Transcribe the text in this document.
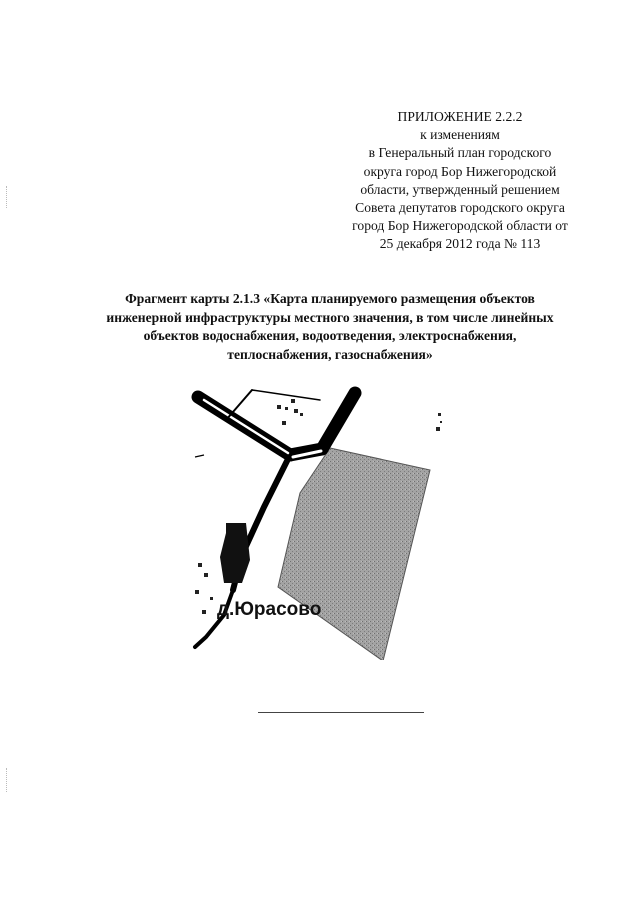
ПРИЛОЖЕНИЕ 2.2.2
к изменениям
в Генеральный план городского
округа город Бор Нижегородской
области, утвержденный решением
Совета депутатов городского округа
город Бор Нижегородской области от
25 декабря 2012 года № 113
Фрагмент карты 2.1.3 «Карта планируемого размещения объектов
инженерной инфраструктуры местного значения, в том числе линейных
объектов водоснабжения, водоотведения, электроснабжения,
теплоснабжения, газоснабжения»
д.Юрасово
